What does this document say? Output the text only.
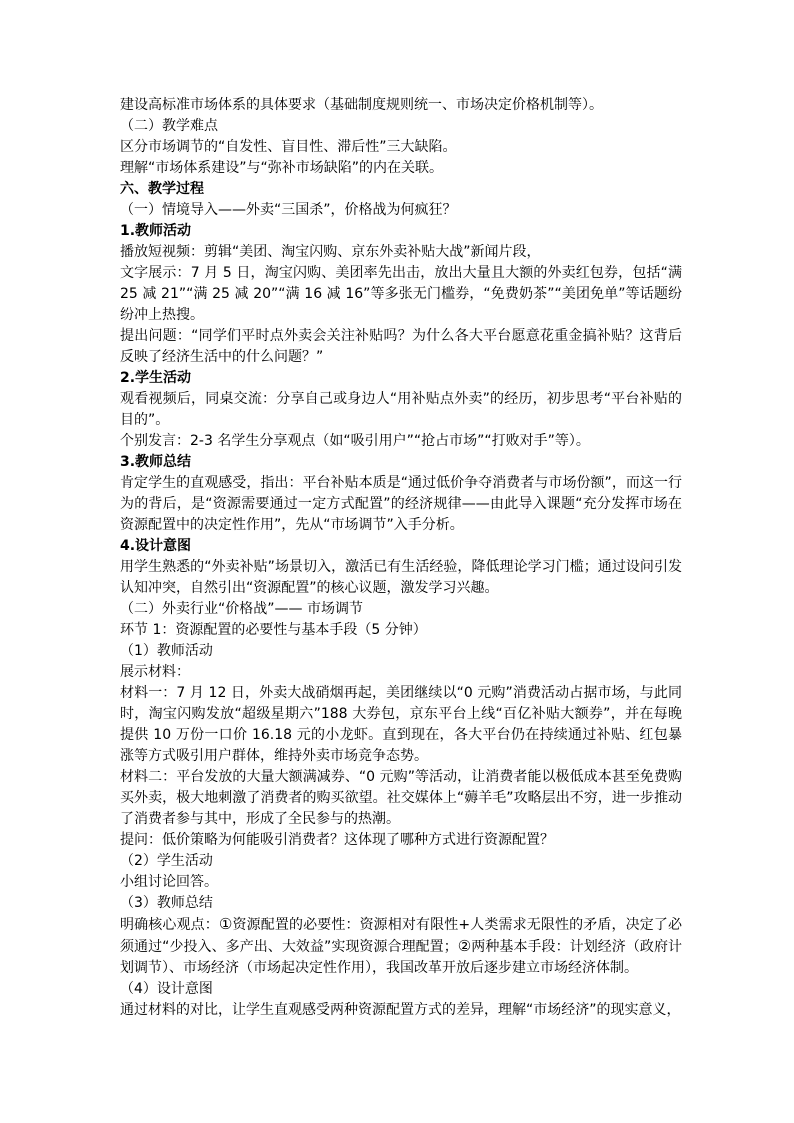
建设高标准市场体系的具体要求（基础制度规则统一、市场决定价格机制等）。
（二）教学难点
区分市场调节的“自发性、盲目性、滞后性”三大缺陷。
理解“市场体系建设”与“弥补市场缺陷”的内在关联。
六、教学过程
（一）情境导入——外卖“三国杀”，价格战为何疯狂？
1.教师活动
播放短视频：剪辑“美团、淘宝闪购、京东外卖补贴大战”新闻片段，
文字展示：7 月 5 日，淘宝闪购、美团率先出击，放出大量且大额的外卖红包券，包括“满 25 减 21”“满 25 减 20”“满 16 减 16”等多张无门槛券，“免费奶茶”“美团免单”等话题纷纷冲上热搜。
提出问题：“同学们平时点外卖会关注补贴吗？为什么各大平台愿意花重金搞补贴？这背后反映了经济生活中的什么问题？”
2.学生活动
观看视频后，同桌交流：分享自己或身边人“用补贴点外卖”的经历，初步思考“平台补贴的目的”。
个别发言：2-3 名学生分享观点（如“吸引用户”“抢占市场”“打败对手”等）。
3.教师总结
肯定学生的直观感受，指出：平台补贴本质是“通过低价争夺消费者与市场份额”，而这一行为的背后，是“资源需要通过一定方式配置”的经济规律——由此导入课题“充分发挥市场在资源配置中的决定性作用”，先从“市场调节”入手分析。
4.设计意图
用学生熟悉的“外卖补贴”场景切入，激活已有生活经验，降低理论学习门槛；通过设问引发认知冲突，自然引出“资源配置”的核心议题，激发学习兴趣。
（二）外卖行业“价格战”—— 市场调节
环节 1：资源配置的必要性与基本手段（5 分钟）
（1）教师活动
展示材料：
材料一：7 月 12 日，外卖大战硝烟再起，美团继续以“0 元购”消费活动占据市场，与此同时，淘宝闪购发放“超级星期六”188 大券包，京东平台上线“百亿补贴大额券”，并在每晚提供 10 万份一口价 16.18 元的小龙虾。直到现在，各大平台仍在持续通过补贴、红包暴涨等方式吸引用户群体，维持外卖市场竞争态势。
材料二：平台发放的大量大额满减券、“0 元购”等活动，让消费者能以极低成本甚至免费购买外卖，极大地刺激了消费者的购买欲望。社交媒体上“薅羊毛”攻略层出不穷，进一步推动了消费者参与其中，形成了全民参与的热潮。
提问：低价策略为何能吸引消费者？这体现了哪种方式进行资源配置？
（2）学生活动
小组讨论回答。
（3）教师总结
明确核心观点：①资源配置的必要性：资源相对有限性+人类需求无限性的矛盾，决定了必须通过“少投入、多产出、大效益”实现资源合理配置；②两种基本手段：计划经济（政府计划调节）、市场经济（市场起决定性作用），我国改革开放后逐步建立市场经济体制。
（4）设计意图
通过材料的对比，让学生直观感受两种资源配置方式的差异，理解“市场经济”的现实意义，
